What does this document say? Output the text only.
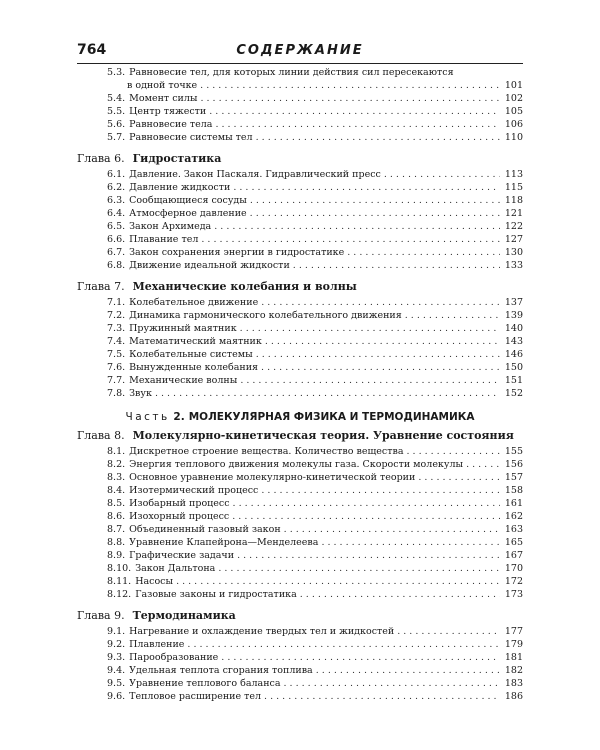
764	СОДЕРЖАНИЕ
5.3. Равновесие тел, для которых линии действия сил пересекаются
в одной точке . . .	101
5.4. Момент силы . . .	102
5.5. Центр тяжести . . .	105
5.6. Равновесие тела . . .	106
5.7. Равновесие системы тел . . .	110
Глава 6. Гидростатика
6.1. Давление. Закон Паскаля. Гидравлический пресс . . .	113
6.2. Давление жидкости . . .	115
6.3. Сообщающиеся сосуды . . .	118
6.4. Атмосферное давление . . .	121
6.5. Закон Архимеда . . .	122
6.6. Плавание тел . . .	127
6.7. Закон сохранения энергии в гидростатике . . .	130
6.8. Движение идеальной жидкости . . .	133
Глава 7. Механические колебания и волны
7.1. Колебательное движение . . .	137
7.2. Динамика гармонического колебательного движения . . .	139
7.3. Пружинный маятник . . .	140
7.4. Математический маятник . . .	143
7.5. Колебательные системы . . .	146
7.6. Вынужденные колебания . . .	150
7.7. Механические волны . . .	151
7.8. Звук . . .	152
Часть 2. МОЛЕКУЛЯРНАЯ ФИЗИКА И ТЕРМОДИНАМИКА
Глава 8. Молекулярно-кинетическая теория. Уравнение состояния
8.1. Дискретное строение вещества. Количество вещества . . .	155
8.2. Энергия теплового движения молекулы газа. Скорости молекулы . . .	156
8.3. Основное уравнение молекулярно-кинетической теории . . .	157
8.4. Изотермический процесс . . .	158
8.5. Изобарный процесс . . .	161
8.6. Изохорный процесс . . .	162
8.7. Объединенный газовый закон . . .	163
8.8. Уравнение Клапейрона—Менделеева . . .	165
8.9. Графические задачи . . .	167
8.10. Закон Дальтона . . .	170
8.11. Насосы . . .	172
8.12. Газовые законы и гидростатика . . .	173
Глава 9. Термодинамика
9.1. Нагревание и охлаждение твердых тел и жидкостей . . .	177
9.2. Плавление . . .	179
9.3. Парообразование . . .	181
9.4. Удельная теплота сгорания топлива . . .	182
9.5. Уравнение теплового баланса . . .	183
9.6. Тепловое расширение тел . . .	186
